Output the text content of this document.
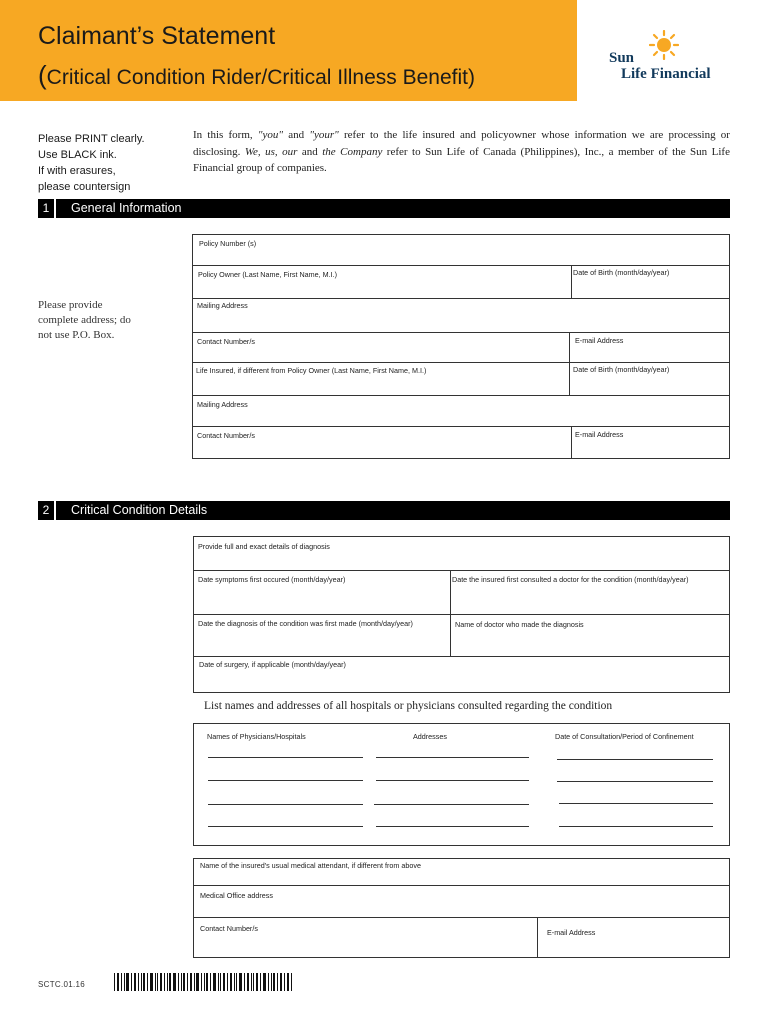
Claimant’s Statement
(Critical Condition Rider/Critical Illness Benefit)
Sun
Life Financial
Please PRINT clearly.
Use BLACK ink.
If with erasures,
please countersign
In this form, "you" and "your" refer to the life insured and policyowner whose information we are processing or disclosing. We, us, our and the Company refer to Sun Life of Canada (Philippines), Inc., a member of the Sun Life Financial group of companies.
1	General Information
Please provide
complete address; do
not use P.O. Box.
Policy Number (s)
Policy Owner (Last Name, First Name, M.I.)	Date of Birth (month/day/year)
Mailing Address
Contact Number/s	E-mail Address
Life Insured, if different from Policy Owner (Last Name, First Name, M.I.)	Date of Birth (month/day/year)
Mailing Address
Contact Number/s	E-mail Address
2	Critical Condition Details
Provide full and exact details of diagnosis
Date symptoms first occured (month/day/year)	Date the insured first consulted a doctor for the condition (month/day/year)
Date the diagnosis of the condition was first made (month/day/year)	Name of doctor who made the diagnosis
Date of surgery, if applicable (month/day/year)
List names and addresses of all hospitals or physicians consulted regarding the condition
Names of Physicians/Hospitals	Addresses	Date of Consultation/Period of Confinement
Name of the insured's usual medical attendant, if different from above
Medical Office address
Contact Number/s	E-mail Address
SCTC.01.16
